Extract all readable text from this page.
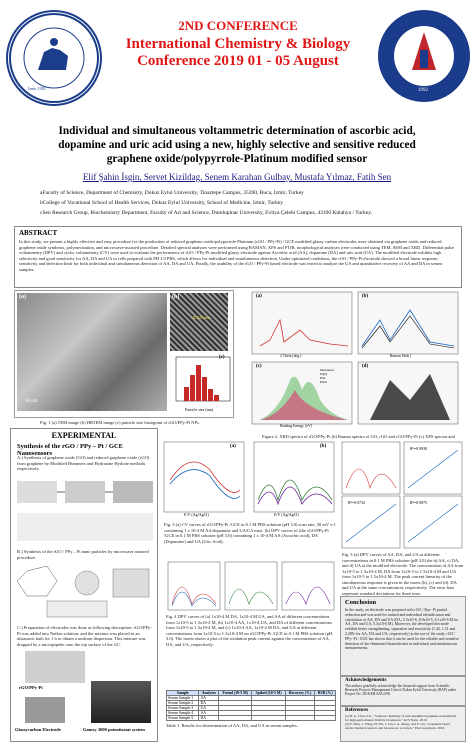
İzmir 1982
2ND CONFERENCE
International Chemistry & Biology
Conference 2019 01 - 05 August
1992
Individual and simultaneous voltammetric determination of ascorbic acid, dopamine and uric acid using a new, highly selective and sensitive reduced graphene oxide/polypyrrole-Platinum modified sensor
Elif Şahin İsgin, Servet Kizildag, Senem Karahan Gulbay, Mustafa Yılmaz, Fatih Sen
aFaculty of Science, Department of Chemistry, Dokuz Eylul University, Tinaztepe Campus, 35390, Buca, Izmir, Turkey
bCollege of Vocational School of Health Services, Dokuz Eylul University, School of Medicine, Izmir, Turkey
cSen Research Group, Biochemistry Department, Faculty of Art and Science, Dumlupinar University, Evliya Çelebi Campus, 43100 Kütahya / Turkey.
ABSTRACT
In this study, we present a highly effective and easy procedure for the production of reduced graphene oxide/polypyrrole-Platinum (rGO / PPy-Pt) / GCE modified glassy carbon electrodes were obtained via graphene oxide and reduced graphene oxide synthesis, polymerization, and microwave-assisted procedure. Detailed spectral analyses were performed using RAMAN, XPS and FTIR, morphological analyses were conducted using TEM, SEM and XRD. Differential pulse voltammetry (DPV) and cyclic voltammetry (CV) were used to evaluate the performance of rGO / PPy-Pt modified glassy electrode against Ascorbic acid (AA), dopamine (DA) and uric acid (UA). The modified electrode exhibits high selectivity and good sensitivity for AA, DA and UA in cells prepared with PH 3.0 PBS, which allows for individual and simultaneous detection. Under optimized conditions, the rGO / PPy-Pt electrode showed a broad linear response, sensitivity and detection limit for both individual and simultaneous detection of AA, DA and UA. Finally, the usability of the rGO / PPy-Pt based electrode was tested to analyze the UA and quantitative recovery of AA and DA in serum samples.
(a)
50 nm
(b)
0.223 nm
(c)
Particle size (nm)
Fig. 1 (a) TEM image (b) HRTEM image (c) particle size histogram of rGO/PPy-Pt NPs.
(a)	(b)
(c)	(d)
2 Theta (deg.)	Raman Shift (
Binding Energy (eV)
Measured
Pt(0)
PtO
PtO2
Figure 2. XRD spectra of rGO/PPy-Pt (b) Raman spectra of GO, rGO and rGO/PPy-Pt (c) XPS spectra and
EXPERIMENTAL
Synthesis of the rGO / PPy – Pt / GCE Nanosensors
A.) Synthesis of graphene oxide (GO) and reduced graphene oxide (rGO) from graphene by Modified Hummers and Hydrazine Hydrate methods respectively.
B.) Synthesis of the rGO / PPy – Pt nano particles by microwave assisted procedure.
C.) Preparation of electrodes was done as following description: rGO/PPy-Pt was added into Nafion solution, and the mixture was placed in an ultrasonic bath for 1 h to obtain a uniform dispersion. This mixture was dropped by a micropipette onto the top surface of the GC.
rGO/PPy-Pt
Glassycarbon Electrode	Gamry 3000 potentiostat system
(a)	(b)
E/V (Ag/AgCl)	E/V (Ag/AgCl)
Fig. 3 (a) CV curves of rGO/PPy-Pt /GCE in 0.1 M PBS solution (pH 3.0) scan rate, 50 mV s-1 containing 1 x 10-4 M AA/dopamine and UA/CA mixt. (b) DPV curves of (the rGO/PPy-Pt /GCE in 0.1 M PBS solution (pH 3.0) containing 1 x 10-4 M AA (Ascorbic acid), DA (Dopamine) and UA (Uric Acid).
R²=0.9938
R²=0.9732	R²=0.9875
Fig. 5 (a) DPV curves of AA, DA, and UA at different concentrations in 0.1 M PBS solution (pH 3.0) the b) AA, c) DA, and d) UA at the modified electrode. The concentration of AA from 1x10-5 to 1.5x10-4 M, DA from 1x10-5 to 1.5x10-4 M and UA from 1x10-5 to 1.5x10-4 M. The peak current linearity of the simultaneous response is given in the insets (b), (c) and (d). DA and UA at the same concentration, respectively. The error bars represent standard deviations for three tests.
Fig. 4 DPV curves of (a) 1x10-4 M DA, 1x10-4 M UA, and AA of different concentrations from 1x10-5 to 1.5x10-4 M, (b) 1x10-4 AA, 1x10-4 UA, and DA of different concentrations from 1x10-5 to 1.5x10-4 M, and (c) 1x10-4 AA, 1x10-4 M DA, and UA at different concentrations from 1x10-5 to 1.5x10-4 M on rGO/PPy-Pt /GCE in 0.1 M PBS solution (pH 3.0). The insets shows a plot of the oxidation peak current against the concentration of AA, DA, and UA, respectively.
Sample	Analytes	Found (10-5 M)	Spiked (10-5 M)	Recovery (%)	RSD (%)
Serum Sample 1	AA				
Serum Sample 2	DA				
Serum Sample 3	UA				
Serum Sample 4	AA				
Serum Sample 5	DA				
Table 1. Results for determination of AA, DA, and UA in serum samples.
Conclusion
In the study, an electrode was prepared with rGO / Ppy- Pt partial reduction and was used for trained and individual identification and calculation of AA, DA and UA (DA, 5.5x10-6, 8.9x10-5, 6.1x10-6 M for AA, DA and UA, 5.3x10-6 M). Moreover, the developed electrode exhibits better strengthening, separation and sensitivity (1.42, 1.51 and 2.28% for AA, DA and UA, respectively) in the use of the study. rGO / PPy- Pt / GCE has shown that it can be used for the reliable and sensitive detection of the eliminated biomolecules in individual and simultaneous measurements.
Acknowledgements
The authors gratefully acknowledge the financial support from Scientific Research Projects Management Unit of Dokuz Eylul University (BAP) under Project No: 2018.KB.SAG.096.
References
[1] B. G. Choi et al., "Solution chemistry of self-assembled graphene nanohybrids for high-performance flexible biosensors," ACS Nano, 2010.
[2] Y. Shao, J. Wang, H. Wu, J. Liu, I. A. Aksay, and Y. Lin, "Graphene based electrochemical sensors and biosensors: A review," Electroanalysis, 2010.
